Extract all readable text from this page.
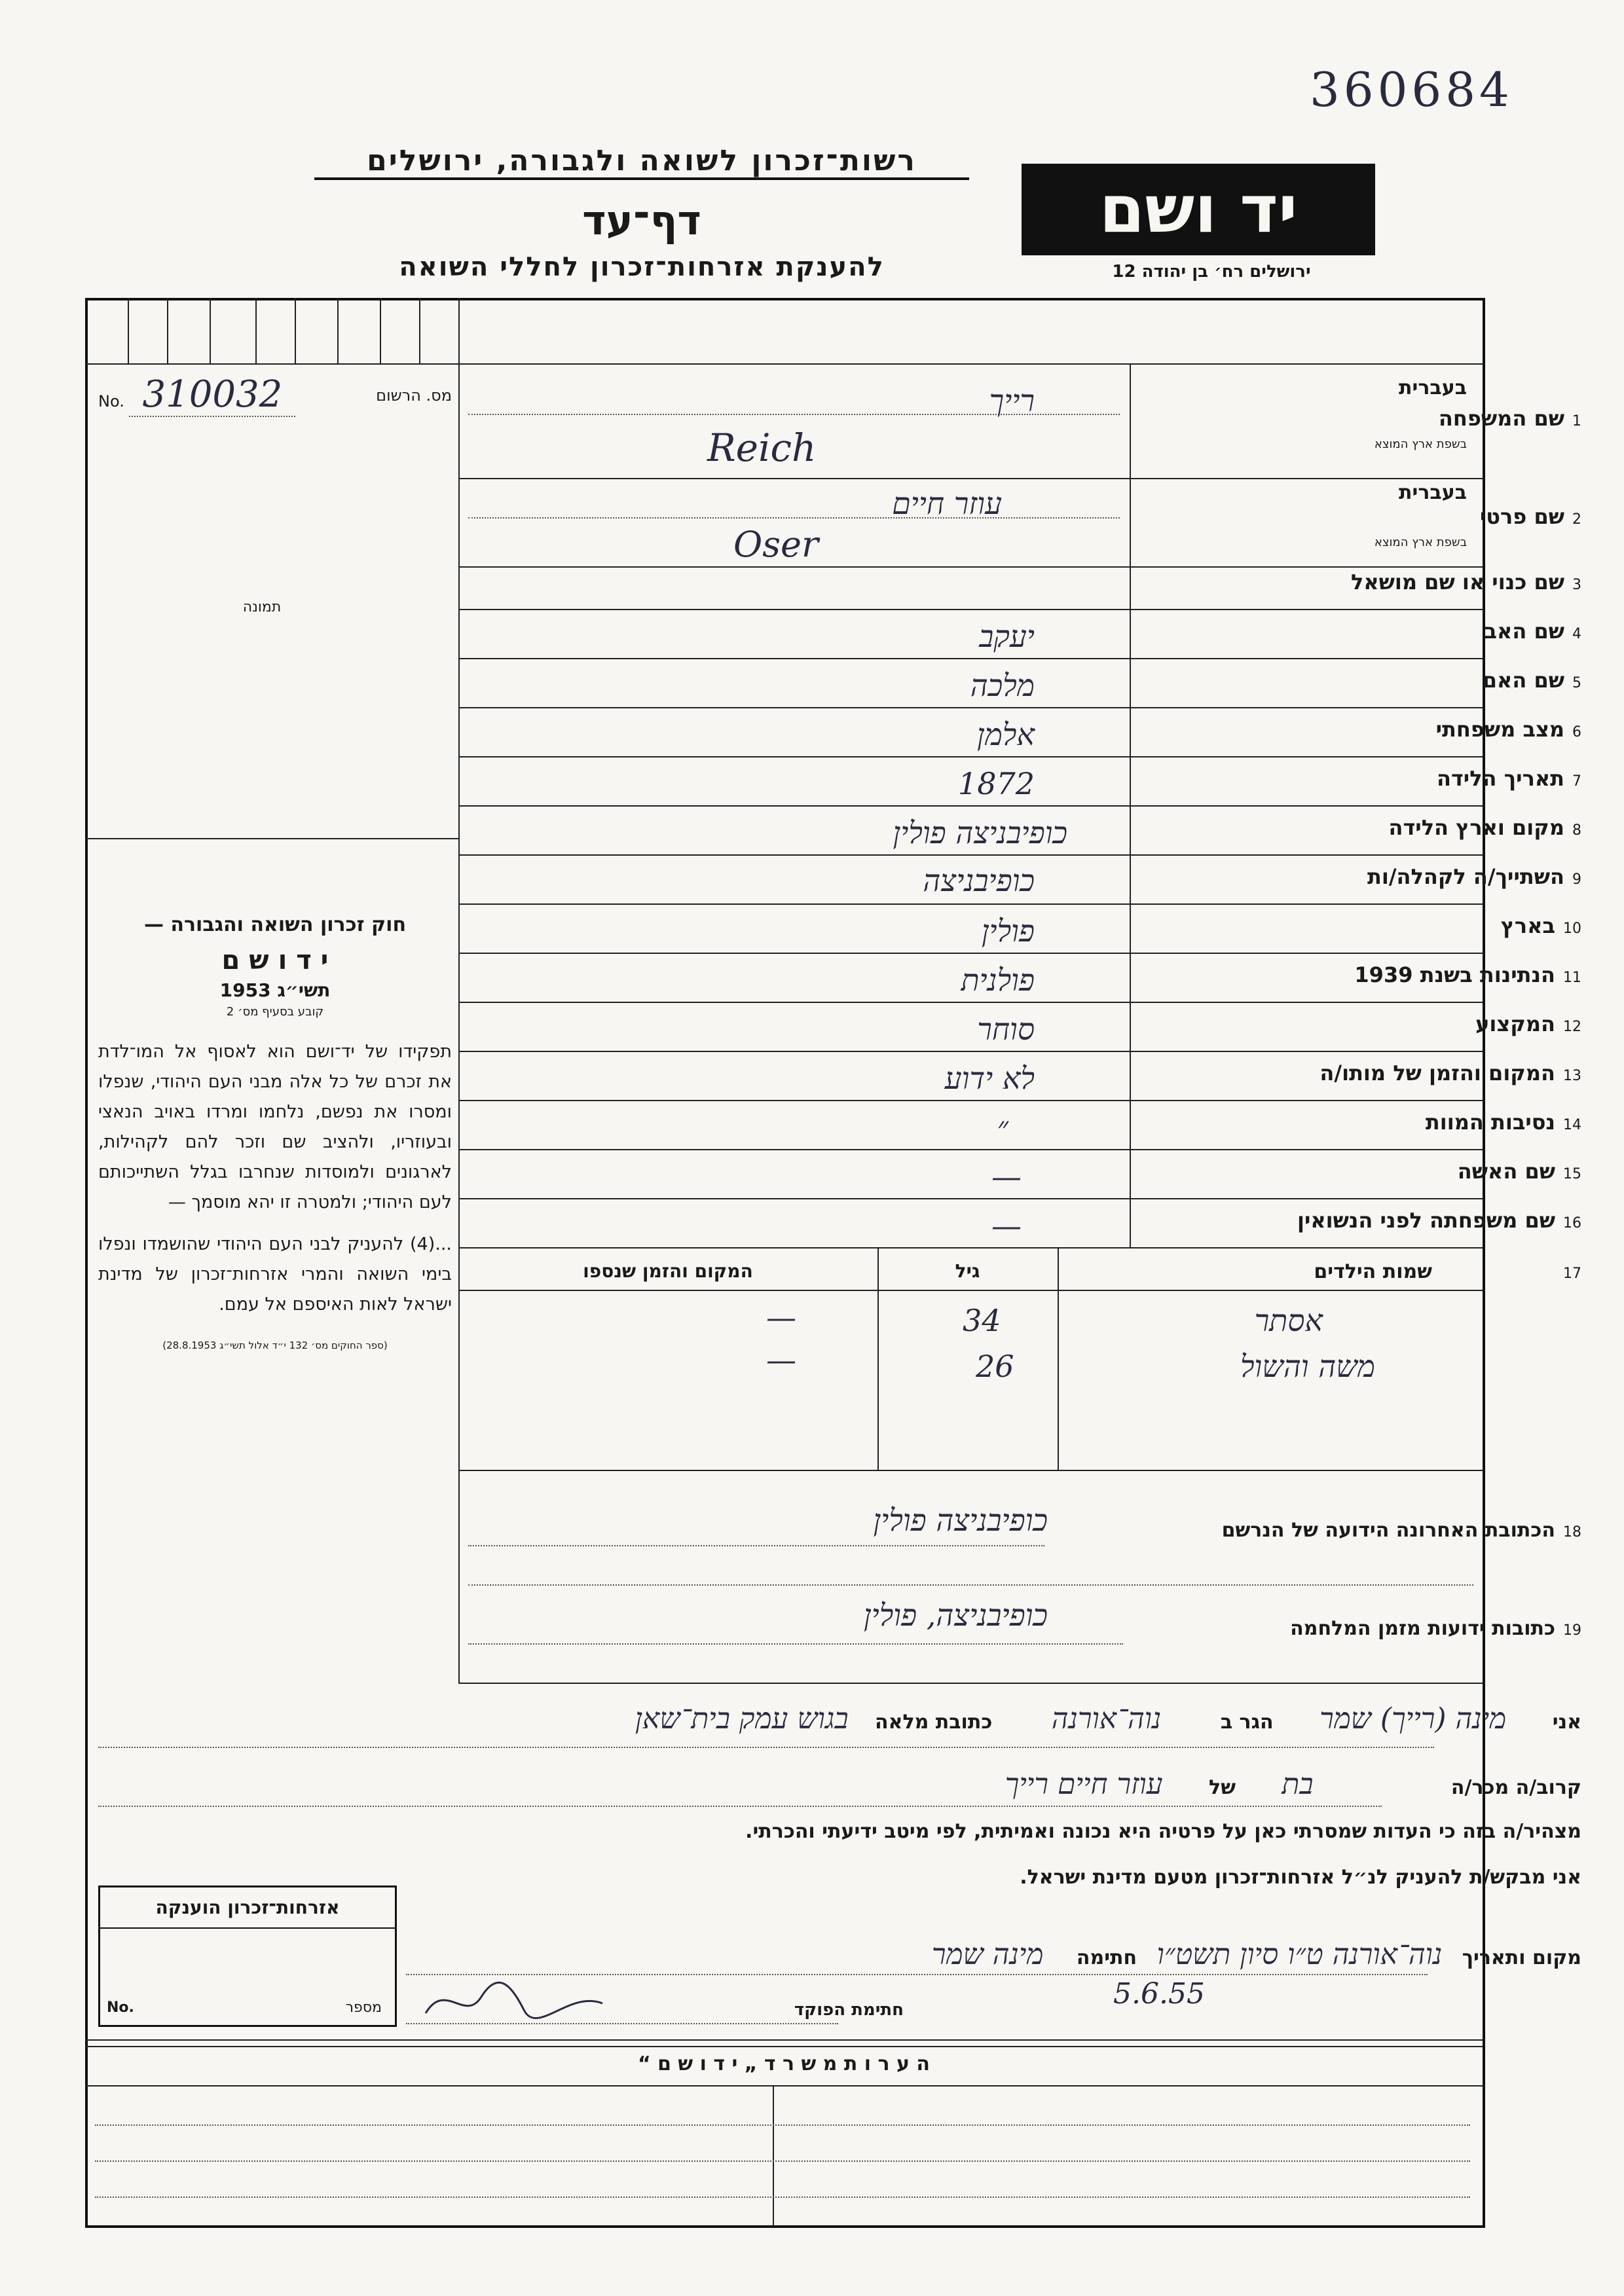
360684
רשות־זכרון לשואה ולגבורה, ירושלים
דף־עד
להענקת אזרחות־זכרון לחללי השואה
יד ושם
ירושלים רח׳ בן יהודה 12
No. 310032	מס. הרשום
תמונה
חוק זכרון השואה והגבורה —
י ד ו ש ם
תשי״ג 1953
קובע בסעיף מס׳ 2
תפקידו של יד־ושם הוא לאסוף אל המו־לדת את זכרם של כל אלה מבני העם היהודי, שנפלו ומסרו את נפשם, נלחמו ומרדו באויב הנאצי ובעוזריו, ולהציב שם וזכר להם לקהילות, לארגונים ולמוסדות שנחרבו בגלל השתייכותם לעם היהודי; ולמטרה זו יהא מוסמך —
...(4) להעניק לבני העם היהודי שהושמדו ונפלו בימי השואה והמרי אזרחות־זכרון של מדינת ישראל לאות האיספם אל עמם.
(ספר החוקים מס׳ 132 י״ד אלול תשי״ג 28.8.1953)
בעברית
1שם המשפחה
בשפת ארץ המוצא
רייך
Reich
בעברית
2שם פרטי
בשפת ארץ המוצא
עוזר חיים
Oser
3שם כנוי או שם מושאל
4שם האב
יעקב
5שם האם
מלכה
6מצב משפחתי
אלמן
7תאריך הלידה
1872
8מקום וארץ הלידה
כופיבניצה פולין
9השתייך/ה לקהלה/ות
כופיבניצה
10בארץ
פולין
11הנתינות בשנת 1939
פולנית
12המקצוע
סוחר
13המקום והזמן של מותו/ה
לא ידוע
14נסיבות המוות
״
15שם האשה
—
16שם משפחתה לפני הנשואין
—
17שמות הילדים
גיל
המקום והזמן שנספו
אסתר
34
—
משה והשול
26
—
18הכתובת האחרונה הידועה של הנרשם
כופיבניצה פולין
19כתובות ידועות מזמן המלחמה
כופיבניצה, פולין
אני מינה (רייך) שמר הגר ב נוה־אורנה כתובת מלאה בגוש עמק בית־שאן
קרוב/ה מכר/ה בת של עוזר חיים רייך
מצהיר/ה בזה כי העדות שמסרתי כאן על פרטיה היא נכונה ואמיתית, לפי מיטב ידיעתי והכרתי.
אני מבקש/ת להעניק לנ״ל אזרחות־זכרון מטעם מדינת ישראל.
אזרחות־זכרון הוענקה
No.	מספר
מקום ותאריך נוה־אורנה ט״ו סיון תשט״ו חתימה מינה שמר
5.6.55
חתימת הפוקד
ה ע ר ו ת מ ש ר ד „ י ד ו ש ם “
